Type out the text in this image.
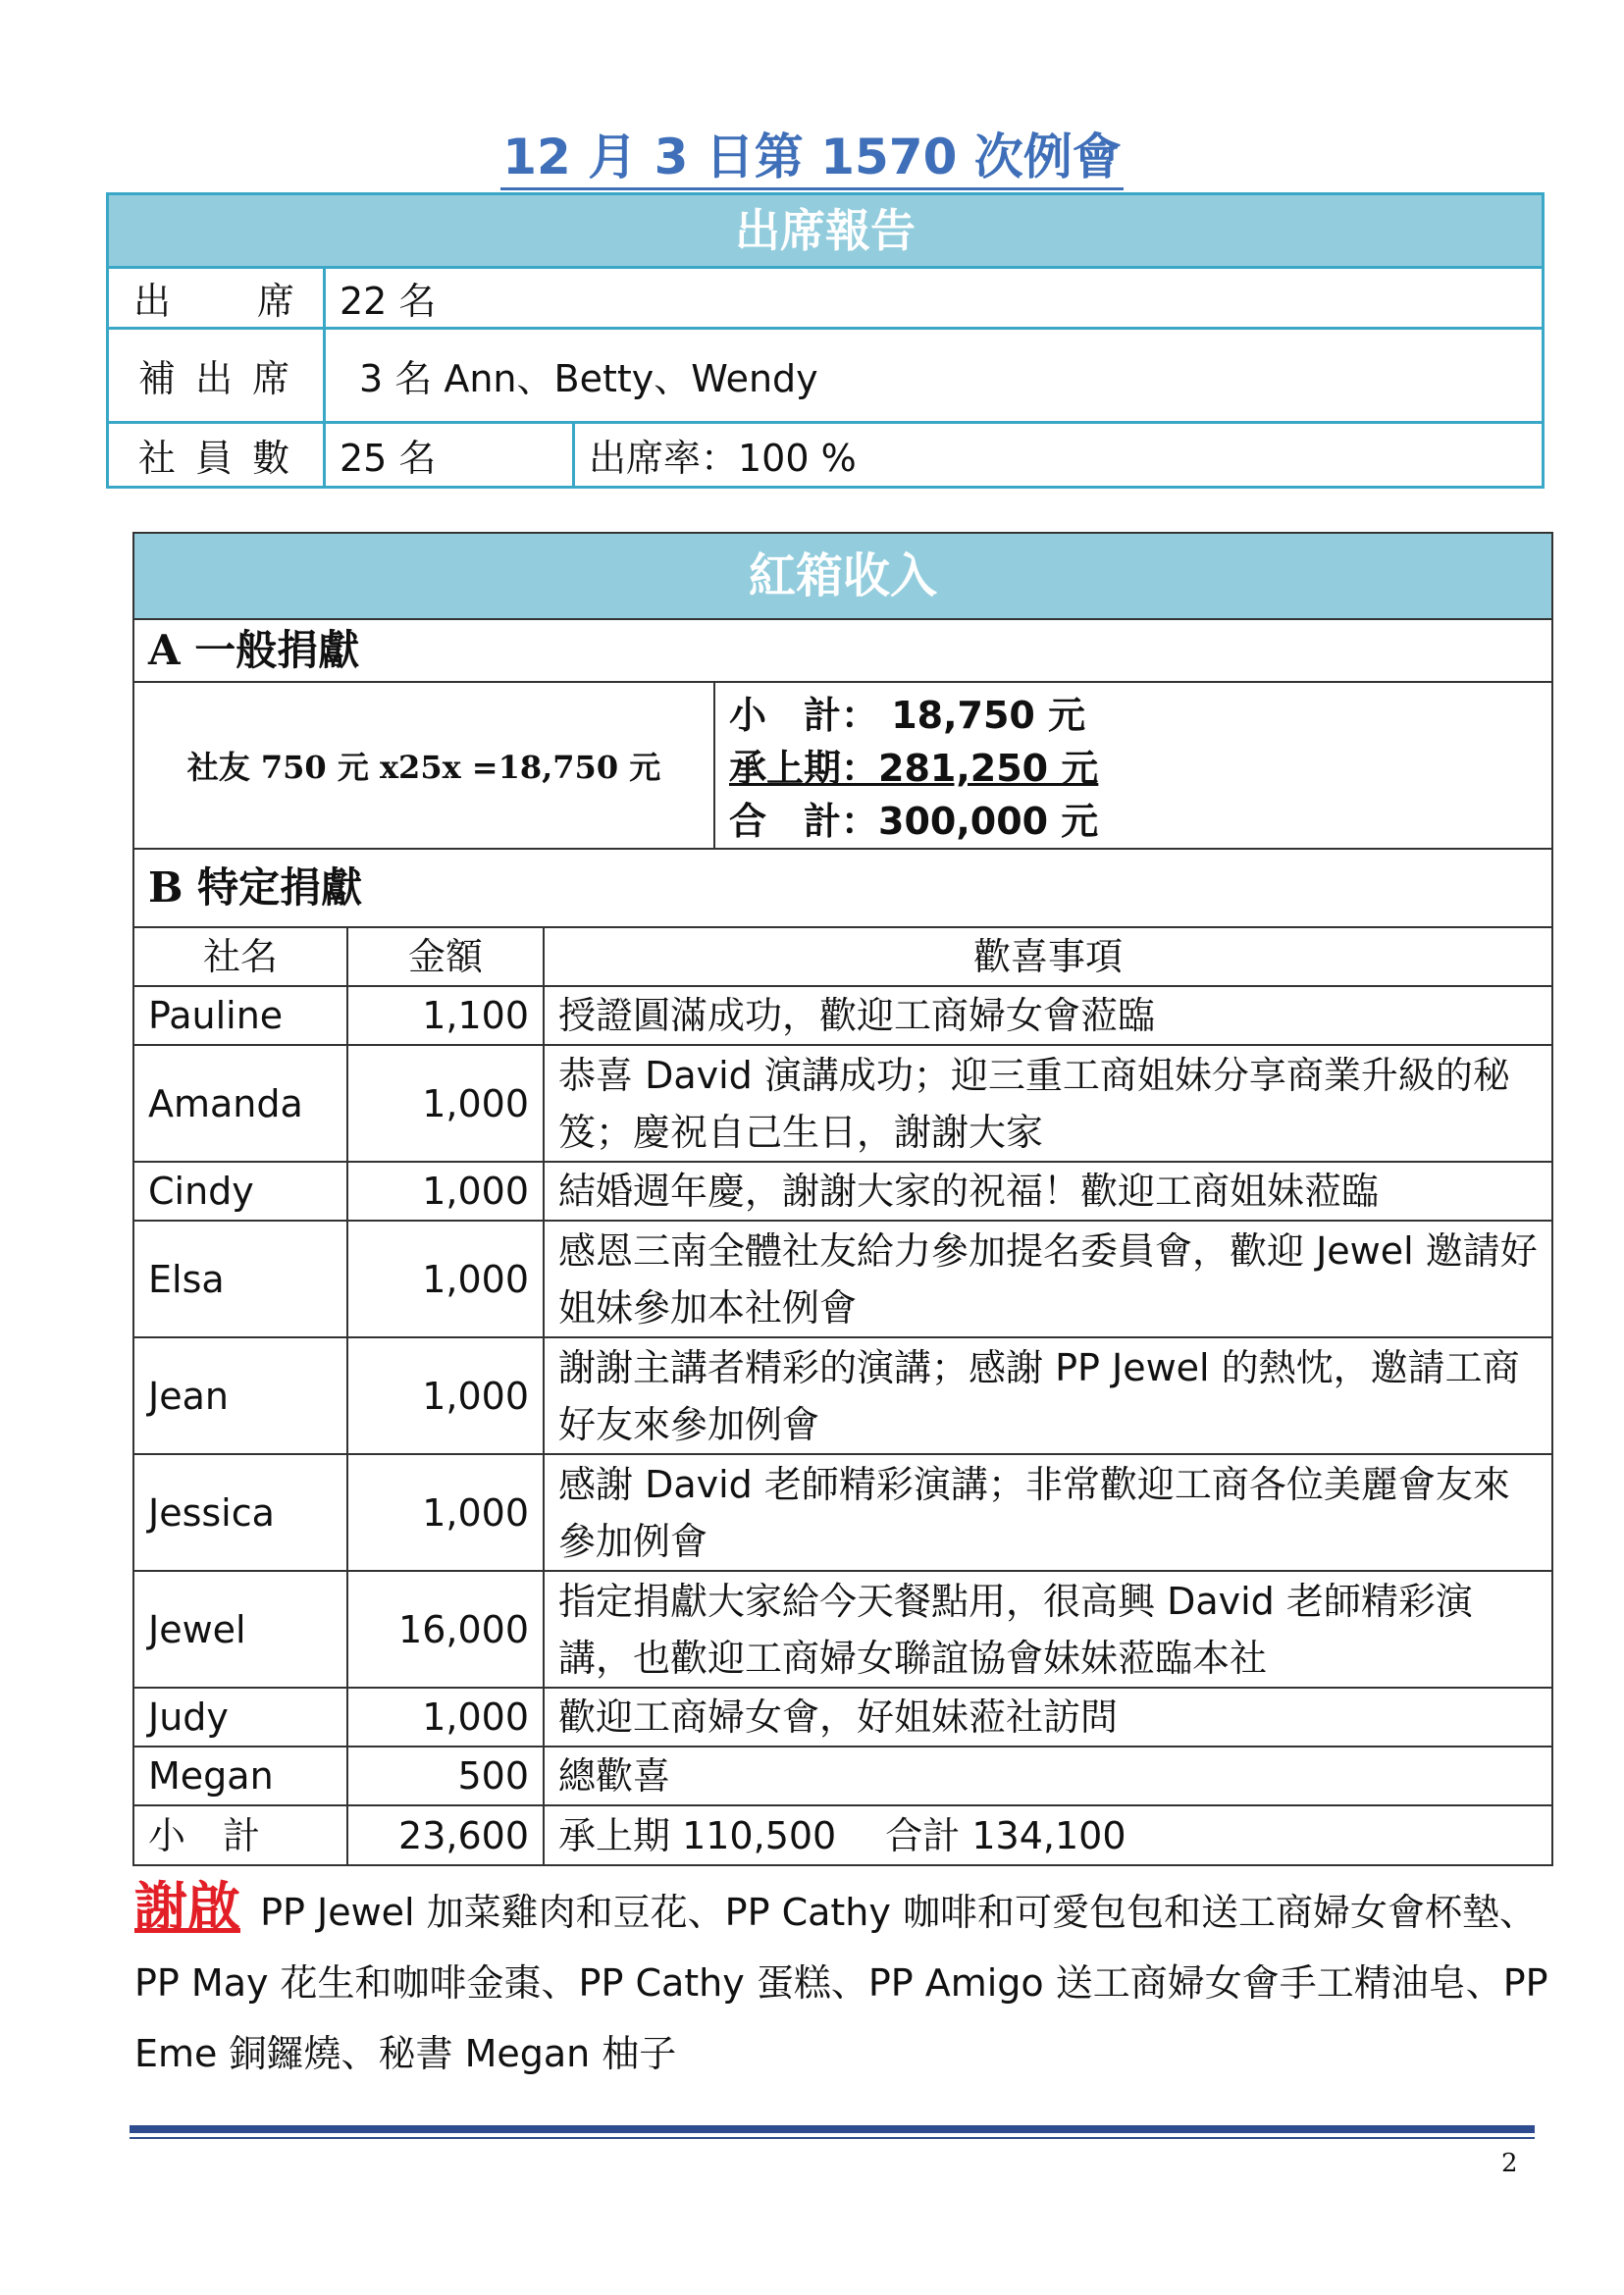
12 月 3 日第 1570 次例會
出席報告
出　　席	22 名
補 出 席	3 名 Ann、Betty、Wendy
社 員 數	25 名	出席率：100 %
紅箱收入
A 一般捐獻
社友 750 元 x25x =18,750 元
小　計： 18,750 元
承上期：281,250 元
合　計：300,000 元
B 特定捐獻
社名	金額	歡喜事項
Pauline	1,100	授證圓滿成功，歡迎工商婦女會蒞臨
Amanda	1,000	恭喜 David 演講成功；迎三重工商姐妹分享商業升級的秘笈；慶祝自己生日，謝謝大家
Cindy	1,000	結婚週年慶，謝謝大家的祝福！歡迎工商姐妹蒞臨
Elsa	1,000	感恩三南全體社友給力參加提名委員會，歡迎 Jewel 邀請好姐妹參加本社例會
Jean	1,000	謝謝主講者精彩的演講；感謝 PP Jewel 的熱忱，邀請工商好友來參加例會
Jessica	1,000	感謝 David 老師精彩演講；非常歡迎工商各位美麗會友來參加例會
Jewel	16,000	指定捐獻大家給今天餐點用，很高興 David 老師精彩演講，也歡迎工商婦女聯誼協會妹妹蒞臨本社
Judy	1,000	歡迎工商婦女會，好姐妹蒞社訪問
Megan	500	總歡喜
小　計	23,600	承上期 110,500　 合計 134,100
謝啟 PP Jewel 加菜雞肉和豆花、PP Cathy 咖啡和可愛包包和送工商婦女會杯墊、PP May 花生和咖啡金棗、PP Cathy 蛋糕、PP Amigo 送工商婦女會手工精油皂、PP Eme 銅鑼燒、秘書 Megan 柚子
2
